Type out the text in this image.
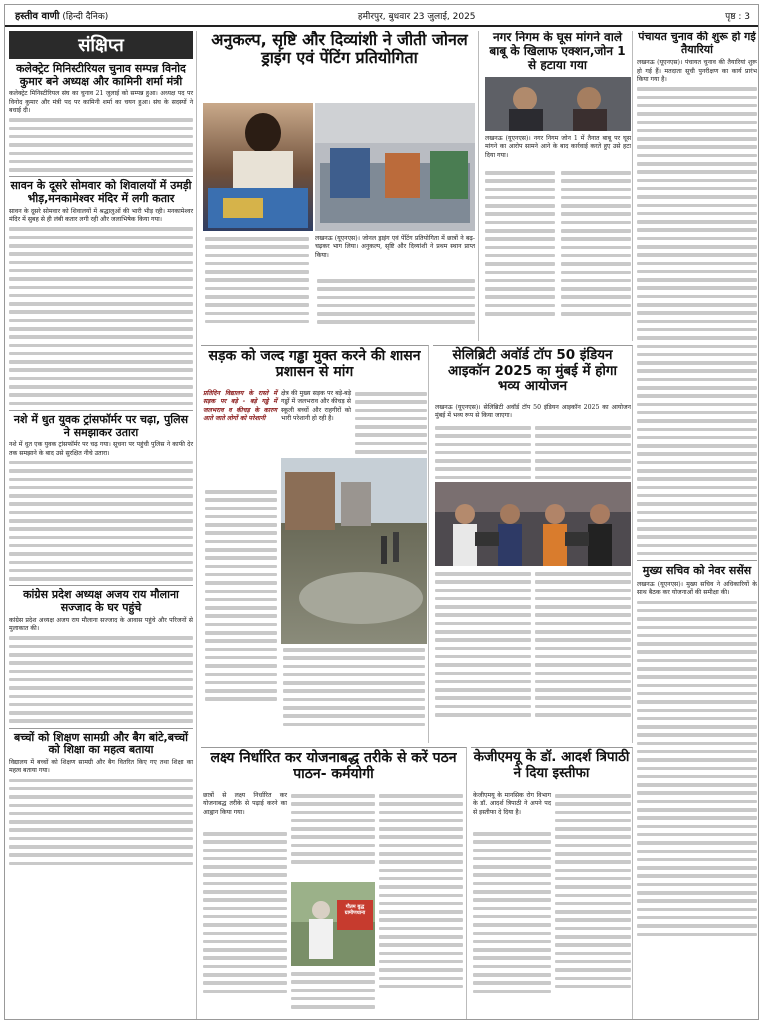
हस्तीव वाणी (हिन्दी दैनिक)	हमीरपुर, बुधवार 23 जुलाई, 2025	पृष्ठ : 3
संक्षिप्त
कलेक्ट्रेट मिनिस्टीरियल चुनाव सम्पन्न विनोद कुमार बने अध्यक्ष और कामिनी शर्मा मंत्री
कलेक्ट्रेट मिनिस्टीरियल संघ का चुनाव 21 जुलाई को सम्पन्न हुआ। अध्यक्ष पद पर विनोद कुमार और मंत्री पद पर कामिनी शर्मा का चयन हुआ। संघ के सदस्यों ने बधाई दी।
सावन के दूसरे सोमवार को शिवालयों में उमड़ी भीड़,मनकामेश्वर मंदिर में लगी कतार
सावन के दूसरे सोमवार को शिवालयों में श्रद्धालुओं की भारी भीड़ रही। मनकामेश्वर मंदिर में सुबह से ही लंबी कतार लगी रही और जलाभिषेक किया गया।
नशे में धुत युवक ट्रांसफॉर्मर पर चढ़ा, पुलिस ने समझाकर उतारा
नशे में धुत एक युवक ट्रांसफॉर्मर पर चढ़ गया। सूचना पर पहुंची पुलिस ने काफी देर तक समझाने के बाद उसे सुरक्षित नीचे उतारा।
कांग्रेस प्रदेश अध्यक्ष अजय राय मौलाना सज्जाद के घर पहुंचे
कांग्रेस प्रदेश अध्यक्ष अजय राय मौलाना सज्जाद के आवास पहुंचे और परिजनों से मुलाकात की।
बच्चों को शिक्षण सामग्री और बैग बांटे,बच्चों को शिक्षा का महत्व बताया
विद्यालय में बच्चों को शिक्षण सामग्री और बैग वितरित किए गए तथा शिक्षा का महत्व बताया गया।
अनुकल्प, सृष्टि और दिव्यांशी ने जीती जोनल ड्राइंग एवं पेंटिंग प्रतियोगिता
लखनऊ (यूएनएस)। जोनल ड्राइंग एवं पेंटिंग प्रतियोगिता में छात्रों ने बढ़-चढ़कर भाग लिया। अनुकल्प, सृष्टि और दिव्यांशी ने प्रथम स्थान प्राप्त किया।
नगर निगम के घूस मांगने वाले बाबू के खिलाफ एक्शन,जोन 1 से हटाया गया
लखनऊ (यूएनएस)। नगर निगम जोन 1 में तैनात बाबू पर घूस मांगने का आरोप सामने आने के बाद कार्रवाई करते हुए उसे हटा दिया गया।
पंचायत चुनाव की शुरू हो गई तैयारियां
लखनऊ (यूएनएस)। पंचायत चुनाव की तैयारियां शुरू हो गई हैं। मतदाता सूची पुनरीक्षण का कार्य प्रारंभ किया गया है।
मुख्य सचिव को नेवर ससेंस
लखनऊ (यूएनएस)। मुख्य सचिव ने अधिकारियों के साथ बैठक कर योजनाओं की समीक्षा की।
सड़क को जल्द गड्ढा मुक्त करने की शासन प्रशासन से मांग
प्रतिदिन विद्यालय के रास्ते में सड़क पर बड़े - बड़े गड्ढे में जलभराव व कीचड़ के कारण आते जाते लोगों को परेशानी
क्षेत्र की मुख्य सड़क पर बड़े-बड़े गड्ढों में जलभराव और कीचड़ से स्कूली बच्चों और राहगीरों को भारी परेशानी हो रही है।
सेलिब्रिटी अवॉर्ड टॉप 50 इंडियन आइकॉन 2025 का मुंबई में होगा भव्य आयोजन
लखनऊ (यूएनएस)। सेलिब्रिटी अवॉर्ड टॉप 50 इंडियन आइकॉन 2025 का आयोजन मुंबई में भव्य रूप से किया जाएगा।
लक्ष्य निर्धारित कर योजनाबद्ध तरीके से करें पठन पाठन- कर्मयोगी
छात्रों से लक्ष्य निर्धारित कर योजनाबद्ध तरीके से पढ़ाई करने का आह्वान किया गया।
गौतम बुद्ध ग्रामीणधाना
केजीएमयू के डॉ. आदर्श त्रिपाठी ने दिया इस्तीफा
केजीएमयू के मानसिक रोग विभाग के डॉ. आदर्श त्रिपाठी ने अपने पद से इस्तीफा दे दिया है।
